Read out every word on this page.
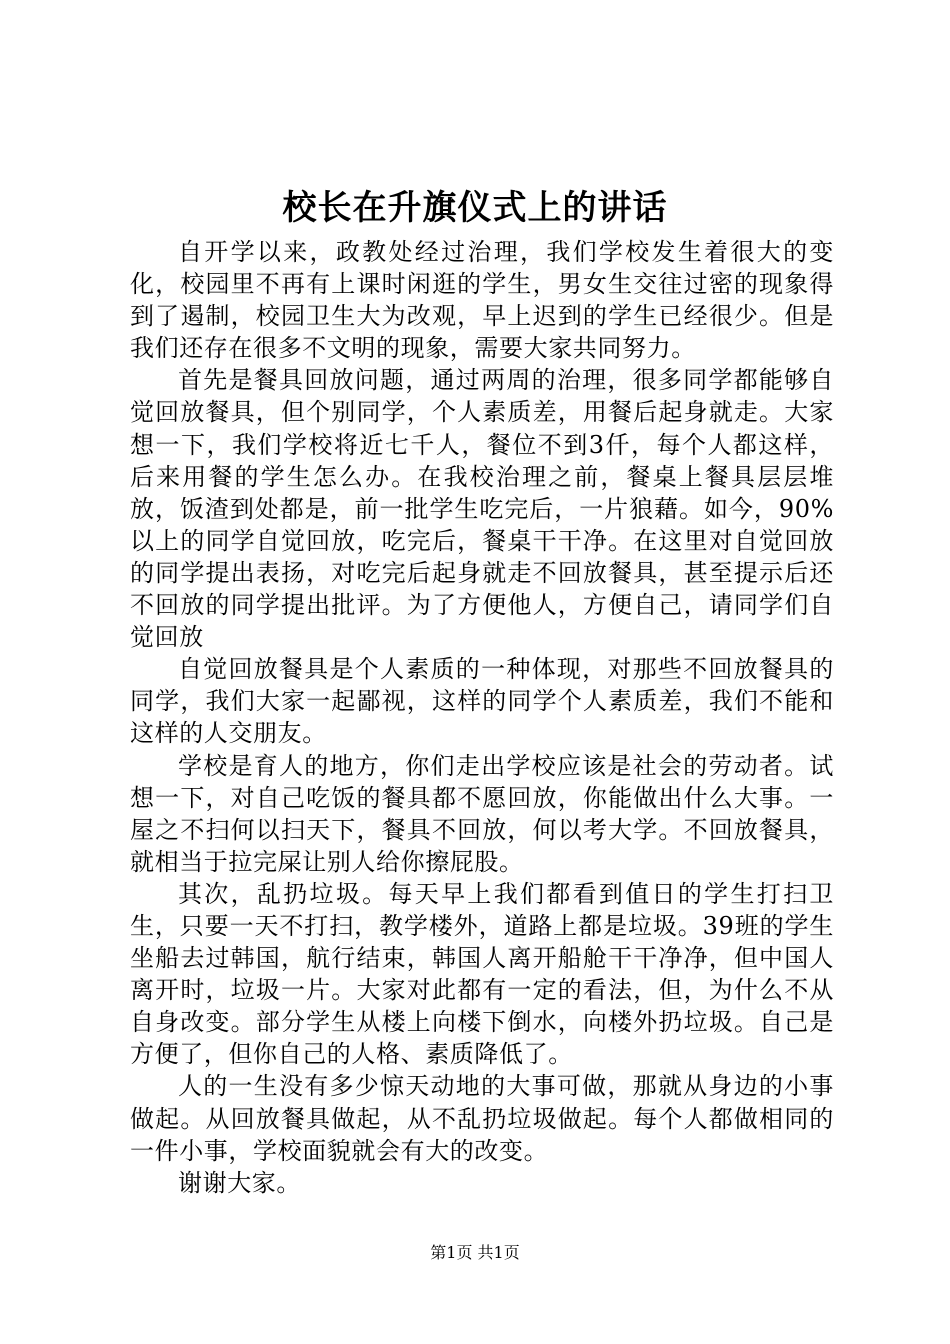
校长在升旗仪式上的讲话

自开学以来，政教处经过治理，我们学校发生着很大的变化，校园里不再有上课时闲逛的学生，男女生交往过密的现象得到了遏制，校园卫生大为改观，早上迟到的学生已经很少。但是我们还存在很多不文明的现象，需要大家共同努力。

首先是餐具回放问题，通过两周的治理，很多同学都能够自觉回放餐具，但个别同学，个人素质差，用餐后起身就走。大家想一下，我们学校将近七千人，餐位不到3仟，每个人都这样，后来用餐的学生怎么办。在我校治理之前，餐桌上餐具层层堆放，饭渣到处都是，前一批学生吃完后，一片狼藉。如今，90%以上的同学自觉回放，吃完后，餐桌干干净。在这里对自觉回放的同学提出表扬，对吃完后起身就走不回放餐具，甚至提示后还不回放的同学提出批评。为了方便他人，方便自己，请同学们自觉回放

自觉回放餐具是个人素质的一种体现，对那些不回放餐具的同学，我们大家一起鄙视，这样的同学个人素质差，我们不能和这样的人交朋友。

学校是育人的地方，你们走出学校应该是社会的劳动者。试想一下，对自己吃饭的餐具都不愿回放，你能做出什么大事。一屋之不扫何以扫天下，餐具不回放，何以考大学。不回放餐具，就相当于拉完屎让别人给你擦屁股。

其次，乱扔垃圾。每天早上我们都看到值日的学生打扫卫生，只要一天不打扫，教学楼外，道路上都是垃圾。39班的学生坐船去过韩国，航行结束，韩国人离开船舱干干净净，但中国人离开时，垃圾一片。大家对此都有一定的看法，但，为什么不从自身改变。部分学生从楼上向楼下倒水，向楼外扔垃圾。自己是方便了，但你自己的人格、素质降低了。

人的一生没有多少惊天动地的大事可做，那就从身边的小事做起。从回放餐具做起，从不乱扔垃圾做起。每个人都做相同的一件小事，学校面貌就会有大的改变。

谢谢大家。

第1页 共1页
